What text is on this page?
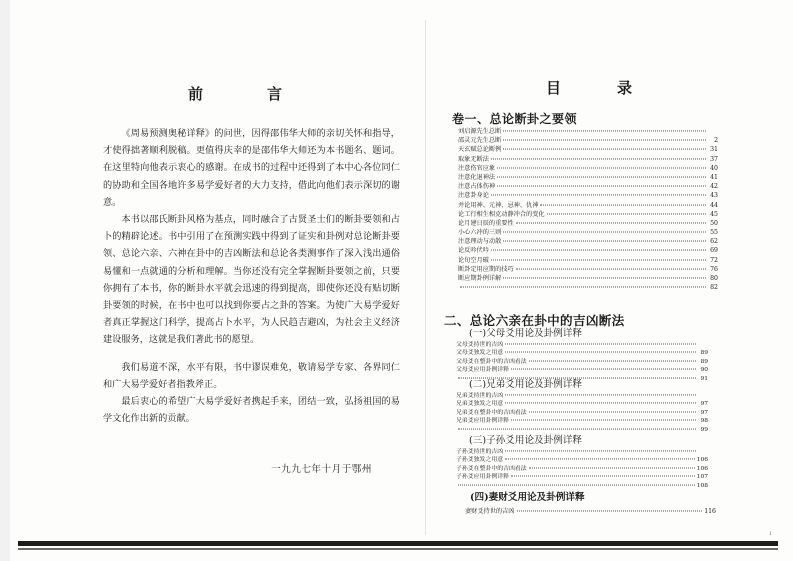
前 言

《周易预测奥秘详释》的问世，因得邵伟华大师的亲切关怀和指导，才使得拙著顺利脱稿。更值得庆幸的是邵伟华大师还为本书题名、题词。在这里特向他表示衷心的感谢。在成书的过程中还得到了本中心各位同仁的协助和全国各地许多易学爱好者的大力支持，借此向他们表示深切的谢意。

本书以邵氏断卦风格为基点，同时融合了古贤圣士们的断卦要领和占卜的精辟论述。书中引用了在预测实践中得到了证实和卦例对总论断卦要领、总论六亲、六神在卦中的吉凶断法和总论各类测事作了深入浅出通俗易懂和一点就通的分析和理解。当你还没有完全掌握断卦要领之前，只要你拥有了本书，你的断卦水平就会迅速的得到提高，即使你还没有贴切断卦要领的时候，在书中也可以找到你要占之卦的答案。为使广大易学爱好者真正掌握这门科学，提高占卜水平，为人民趋吉避凶，为社会主义经济建设服务，这就是我们著此书的愿望。

我们易道不深，水平有限，书中谬误难免，敬请易学专家、各界同仁和广大易学爱好者指教斧正。

最后衷心的希望广大易学爱好者携起手来，团结一致，弘扬祖国的易学文化作出新的贡献。

一九九七年十月于鄂州
目 录
卷一、总论断卦之要领
刘启源先生总断
邵灵元先生总断	2
天玄赋总论断例	31
取象无断法	37
注意伤官应象	40
注意化退神法	41
注意占体伤神	42
注意卦身论	43
并论用神、元神、忌神、仇神	44
论工行相生相克动静冲合的变化	45
论月建日辰的重要性	50
小心六冲的三则	55
注意理动与动散	62
论反吟伏吟	69
论旬空月破	72
断卦定用应期的技巧	76
断应期卦例详解	80
82
二、总论六亲在卦中的吉凶断法
(一)父母爻用论及卦例详释
父母爻持世的吉凶
父母爻独发之用意	89
父母爻在整卦中的吉凶看法	89
父母爻应用卦例详释	90
91
(二)兄弟爻用论及卦例详释
兄弟爻持世的吉凶
兄弟爻独发之用意	97
兄弟爻在整卦中的吉凶看法	97
兄弟爻应用卦例详释	98
99
(三)子孙爻用论及卦例详释
子孙爻持世的吉凶
子孙爻独发之用意	106
子孙爻在整卦中的吉凶看法	106
子孙爻应用卦例详释	107
108
(四)妻财爻用论及卦例详释
妻财爻持世的吉凶	116
1
